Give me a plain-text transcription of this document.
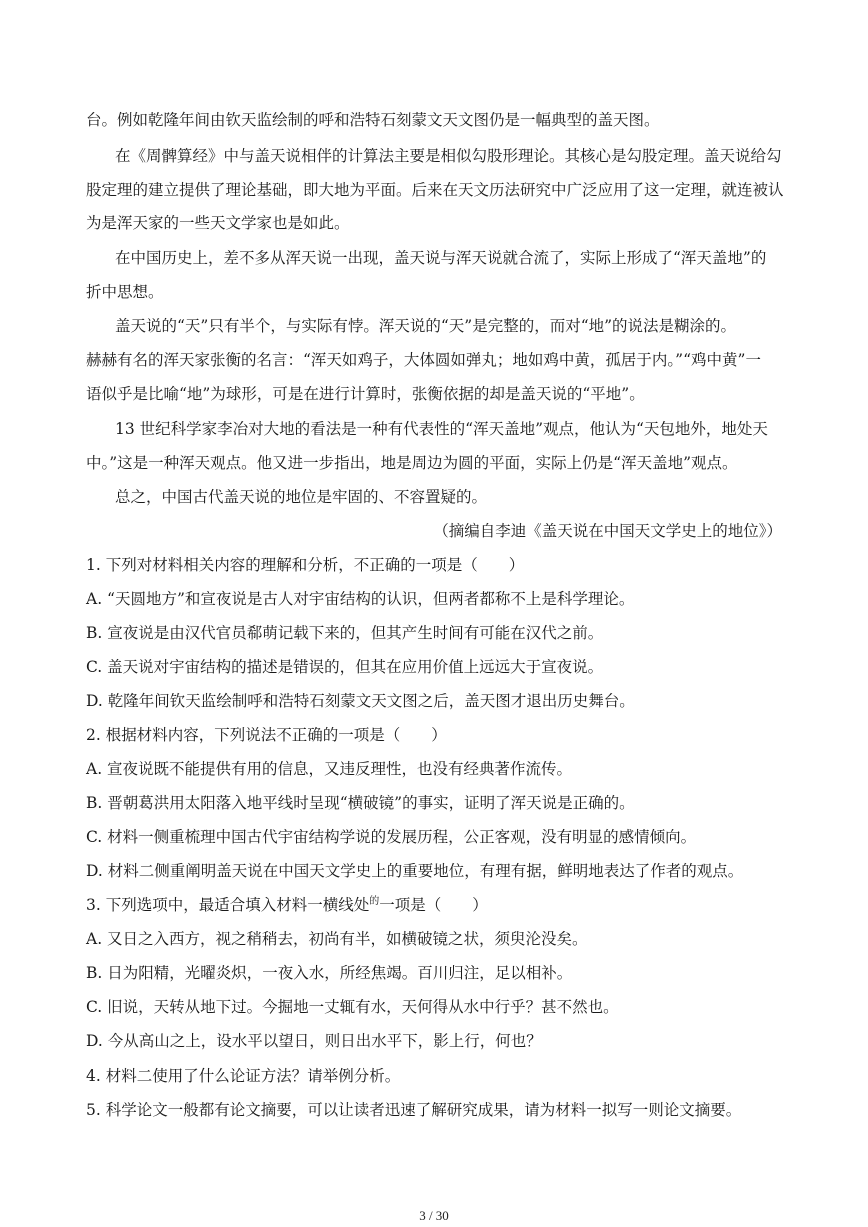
台。例如乾隆年间由钦天监绘制的呼和浩特石刻蒙文天文图仍是一幅典型的盖天图。
在《周髀算经》中与盖天说相伴的计算法主要是相似勾股形理论。其核心是勾股定理。盖天说给勾
股定理的建立提供了理论基础，即大地为平面。后来在天文历法研究中广泛应用了这一定理，就连被认
为是浑天家的一些天文学家也是如此。
在中国历史上，差不多从浑天说一出现，盖天说与浑天说就合流了，实际上形成了“浑天盖地”的
折中思想。
盖天说的“天”只有半个，与实际有悖。浑天说的“天”是完整的，而对“地”的说法是糊涂的。
赫赫有名的浑天家张衡的名言：“浑天如鸡子，大体圆如弹丸；地如鸡中黄，孤居于内。”“鸡中黄”一
语似乎是比喻“地”为球形，可是在进行计算时，张衡依据的却是盖天说的“平地”。
13 世纪科学家李冶对大地的看法是一种有代表性的“浑天盖地”观点，他认为“天包地外，地处天
中。”这是一种浑天观点。他又进一步指出，地是周边为圆的平面，实际上仍是“浑天盖地”观点。
总之，中国古代盖天说的地位是牢固的、不容置疑的。
（摘编自李迪《盖天说在中国天文学史上的地位》）
1. 下列对材料相关内容的理解和分析，不正确的一项是（　　）
A. “天圆地方”和宣夜说是古人对宇宙结构的认识，但两者都称不上是科学理论。
B. 宣夜说是由汉代官员郗萌记载下来的，但其产生时间有可能在汉代之前。
C. 盖天说对宇宙结构的描述是错误的，但其在应用价值上远远大于宣夜说。
D. 乾隆年间钦天监绘制呼和浩特石刻蒙文天文图之后，盖天图才退出历史舞台。
2. 根据材料内容，下列说法不正确的一项是（　　）
A. 宣夜说既不能提供有用的信息，又违反理性，也没有经典著作流传。
B. 晋朝葛洪用太阳落入地平线时呈现“横破镜”的事实，证明了浑天说是正确的。
C. 材料一侧重梳理中国古代宇宙结构学说的发展历程，公正客观，没有明显的感情倾向。
D. 材料二侧重阐明盖天说在中国天文学史上的重要地位，有理有据，鲜明地表达了作者的观点。
3. 下列选项中，最适合填入材料一横线处$^的$一项是（　　）
A. 又日之入西方，视之稍稍去，初尚有半，如横破镜之状，须臾沦没矣。
B. 日为阳精，光曜炎炽，一夜入水，所经焦竭。百川归注，足以相补。
C. 旧说，天转从地下过。今掘地一丈辄有水，天何得从水中行乎？甚不然也。
D. 今从高山之上，设水平以望日，则日出水平下，影上行，何也？
4. 材料二使用了什么论证方法？请举例分析。
5. 科学论文一般都有论文摘要，可以让读者迅速了解研究成果，请为材料一拟写一则论文摘要。
3 / 30
